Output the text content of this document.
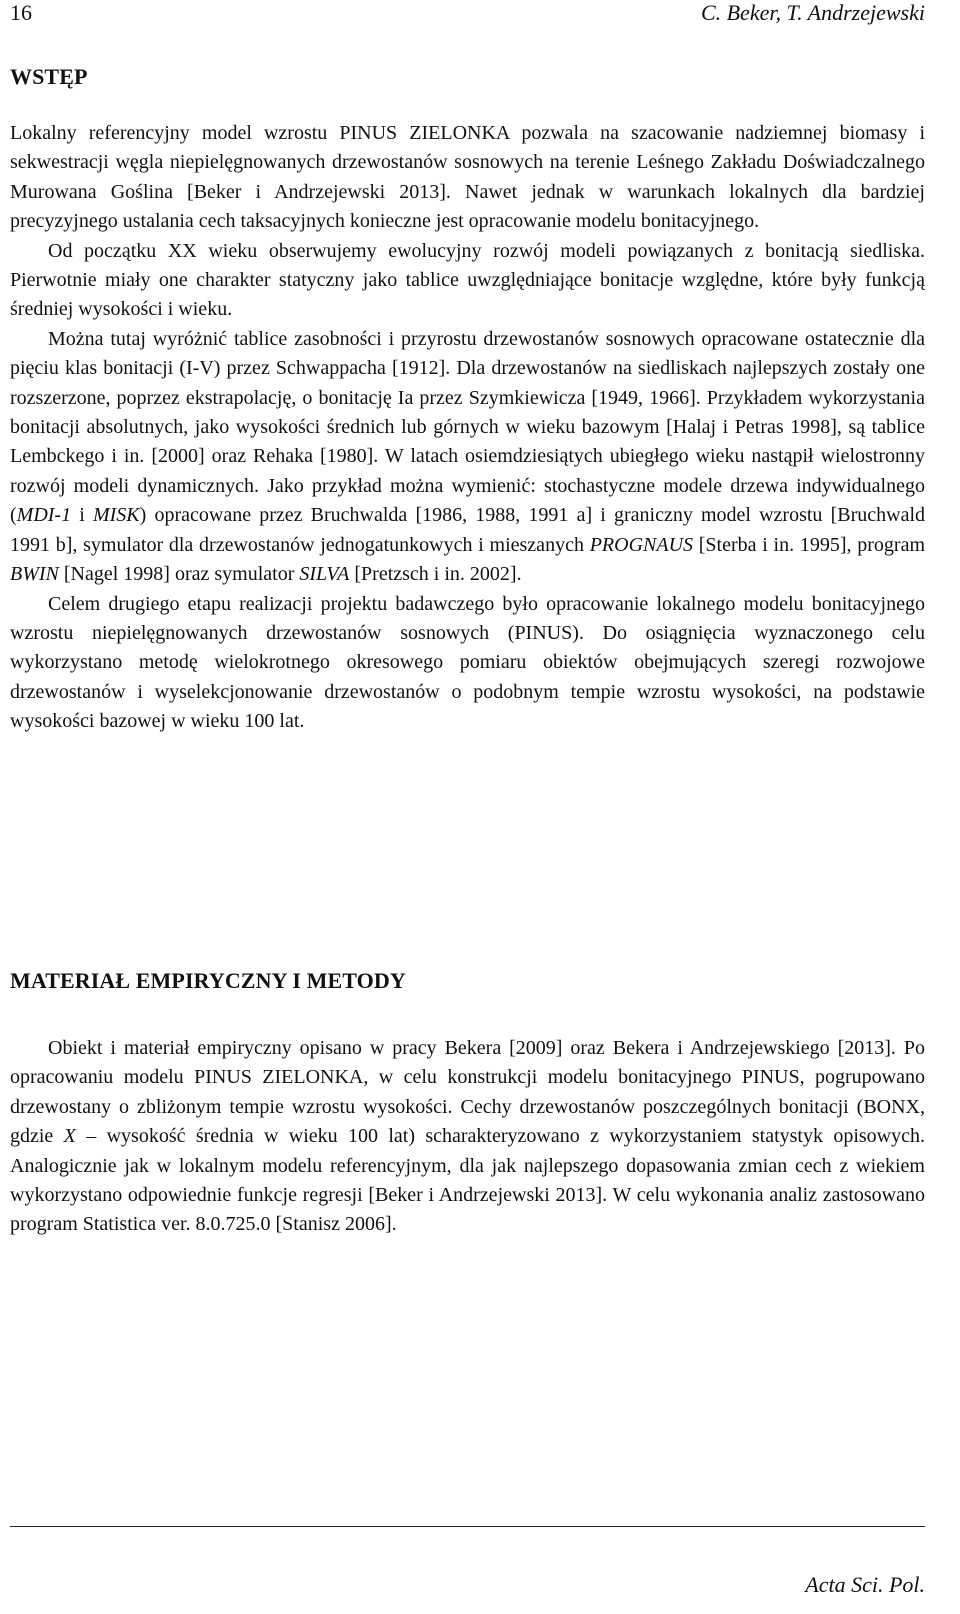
16	C. Beker, T. Andrzejewski
WSTĘP

Lokalny referencyjny model wzrostu PINUS ZIELONKA pozwala na szacowanie nadziemnej biomasy i sekwestracji węgla niepielęgnowanych drzewostanów sosnowych na terenie Leśnego Zakładu Doświadczalnego Murowana Goślina [Beker i Andrzejewski 2013]. Nawet jednak w warunkach lokalnych dla bardziej precyzyjnego ustalania cech taksacyjnych konieczne jest opracowanie modelu bonitacyjnego.

Od początku XX wieku obserwujemy ewolucyjny rozwój modeli powiązanych z bonitacją siedliska. Pierwotnie miały one charakter statyczny jako tablice uwzględniające bonitacje względne, które były funkcją średniej wysokości i wieku.

Można tutaj wyróżnić tablice zasobności i przyrostu drzewostanów sosnowych opracowane ostatecznie dla pięciu klas bonitacji (I-V) przez Schwappacha [1912]. Dla drzewostanów na siedliskach najlepszych zostały one rozszerzone, poprzez ekstrapolację, o bonitację Ia przez Szymkiewicza [1949, 1966]. Przykładem wykorzystania bonitacji absolutnych, jako wysokości średnich lub górnych w wieku bazowym [Halaj i Petras 1998], są tablice Lembckego i in. [2000] oraz Rehaka [1980]. W latach osiemdziesiątych ubiegłego wieku nastąpił wielostronny rozwój modeli dynamicznych. Jako przykład można wymienić: stochastyczne modele drzewa indywidualnego (MDI-1 i MISK) opracowane przez Bruchwalda [1986, 1988, 1991 a] i graniczny model wzrostu [Bruchwald 1991 b], symulator dla drzewostanów jednogatunkowych i mieszanych PROGNAUS [Sterba i in. 1995], program BWIN [Nagel 1998] oraz symulator SILVA [Pretzsch i in. 2002].

Celem drugiego etapu realizacji projektu badawczego było opracowanie lokalnego modelu bonitacyjnego wzrostu niepielęgnowanych drzewostanów sosnowych (PINUS). Do osiągnięcia wyznaczonego celu wykorzystano metodę wielokrotnego okresowego pomiaru obiektów obejmujących szeregi rozwojowe drzewostanów i wyselekcjonowanie drzewostanów o podobnym tempie wzrostu wysokości, na podstawie wysokości bazowej w wieku 100 lat.

MATERIAŁ EMPIRYCZNY I METODY

Obiekt i materiał empiryczny opisano w pracy Bekera [2009] oraz Bekera i Andrzejewskiego [2013]. Po opracowaniu modelu PINUS ZIELONKA, w celu konstrukcji modelu bonitacyjnego PINUS, pogrupowano drzewostany o zbliżonym tempie wzrostu wysokości. Cechy drzewostanów poszczególnych bonitacji (BONX, gdzie X – wysokość średnia w wieku 100 lat) scharakteryzowano z wykorzystaniem statystyk opisowych. Analogicznie jak w lokalnym modelu referencyjnym, dla jak najlepszego dopasowania zmian cech z wiekiem wykorzystano odpowiednie funkcje regresji [Beker i Andrzejewski 2013]. W celu wykonania analiz zastosowano program Statistica ver. 8.0.725.0 [Stanisz 2006].

Acta Sci. Pol.
